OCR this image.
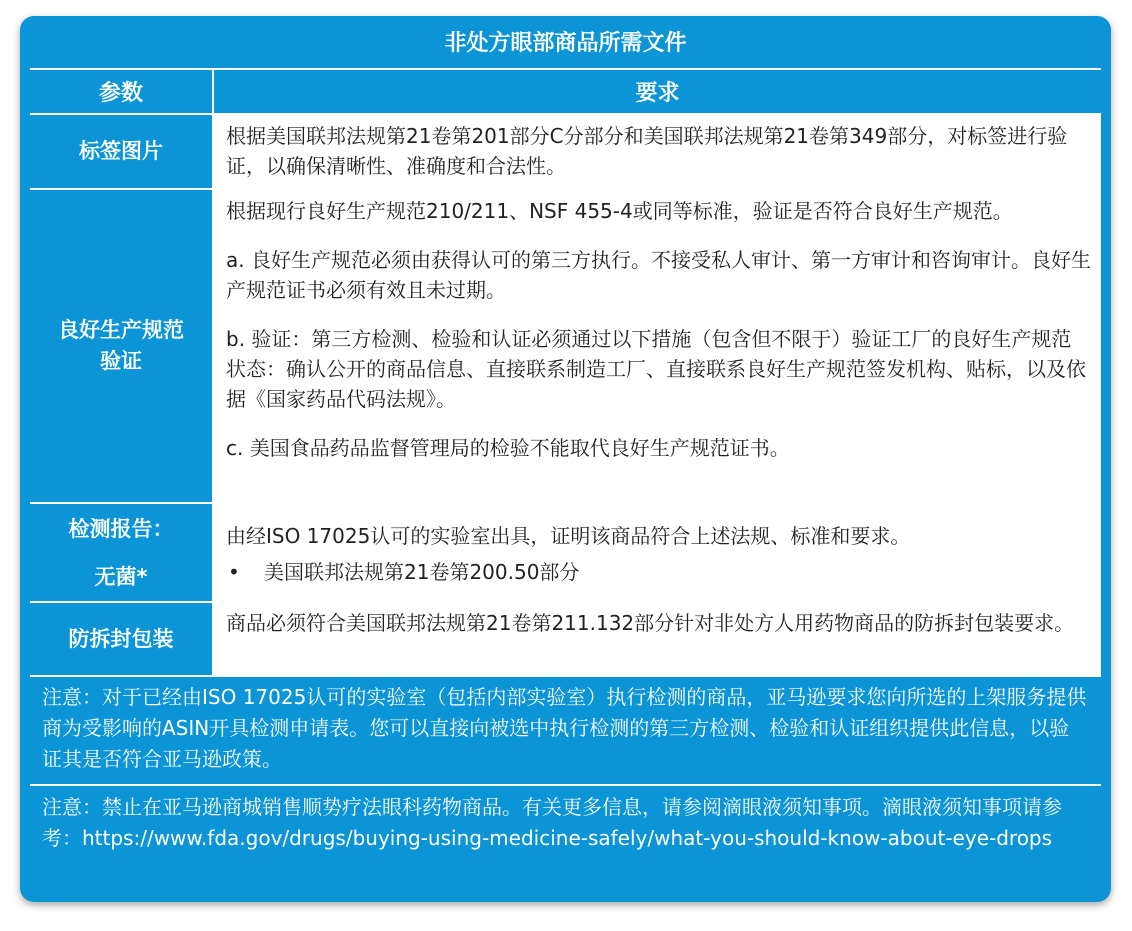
非处方眼部商品所需文件
参数	要求
标签图片

根据美国联邦法规第21卷第201部分C分部分和美国联邦法规第21卷第349部分，对标签进行验证，以确保清晰性、准确度和合法性。

良好生产规范
验证

根据现行良好生产规范210/211、NSF 455-4或同等标准，验证是否符合良好生产规范。

a. 良好生产规范必须由获得认可的第三方执行。不接受私人审计、第一方审计和咨询审计。良好生产规范证书必须有效且未过期。

b. 验证：第三方检测、检验和认证必须通过以下措施（包含但不限于）验证工厂的良好生产规范状态：确认公开的商品信息、直接联系制造工厂、直接联系良好生产规范签发机构、贴标，以及依据《国家药品代码法规》。

c. 美国食品药品监督管理局的检验不能取代良好生产规范证书。

检测报告：
无菌*

由经ISO 17025认可的实验室出具，证明该商品符合上述法规、标准和要求。

•	美国联邦法规第21卷第200.50部分
防拆封包装

商品必须符合美国联邦法规第21卷第211.132部分针对非处方人用药物商品的防拆封包装要求。

注意：对于已经由ISO 17025认可的实验室（包括内部实验室）执行检测的商品，亚马逊要求您向所选的上架服务提供商为受影响的ASIN开具检测申请表。您可以直接向被选中执行检测的第三方检测、检验和认证组织提供此信息，以验证其是否符合亚马逊政策。

注意：禁止在亚马逊商城销售顺势疗法眼科药物商品。有关更多信息，请参阅滴眼液须知事项。滴眼液须知事项请参考：https://www.fda.gov/drugs/buying-using-medicine-safely/what-you-should-know-about-eye-drops
